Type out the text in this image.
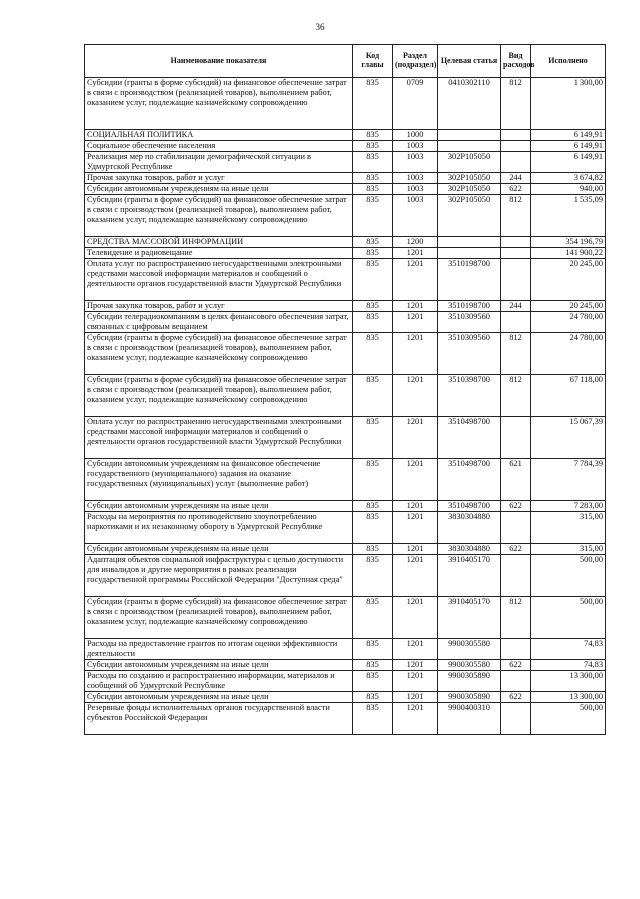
36
Наименование показателя	Код главы	Раздел (подраздел)	Целевая статья	Вид расходов	Исполнено
Субсидии (гранты в форме субсидий) на финансовое обеспечение затрат в связи с производством (реализацией товаров), выполнением работ, оказанием услуг, подлежащие казначейскому сопровождению	835	0709	0410302110	812	1 300,00
СОЦИАЛЬНАЯ ПОЛИТИКА	835	1000			6 149,91
Социальное обеспечение населения	835	1003			6 149,91
Реализация мер по стабилизации демографической ситуации в Удмуртской Республике	835	1003	302P105050		6 149,91
Прочая закупка товаров, работ и услуг	835	1003	302P105050	244	3 674,82
Субсидии автономным учреждениям на иные цели	835	1003	302P105050	622	940,00
Субсидии (гранты в форме субсидий) на финансовое обеспечение затрат в связи с производством (реализацией товаров), выполнением работ, оказанием услуг, подлежащие казначейскому сопровождению	835	1003	302P105050	812	1 535,09
СРЕДСТВА МАССОВОЙ ИНФОРМАЦИИ	835	1200			354 196,79
Телевидение и радиовещание	835	1201			141 900,22
Оплата услуг по распространению негосударственными электронными средствами массовой информации материалов и сообщений о деятельности органов государственной власти Удмуртской Республики	835	1201	3510198700		20 245,00
Прочая закупка товаров, работ и услуг	835	1201	3510198700	244	20 245,00
Субсидии телерадиокомпаниям в целях финансового обеспечения затрат, связанных с цифровым вещанием	835	1201	3510309560		24 780,00
Субсидии (гранты в форме субсидий) на финансовое обеспечение затрат в связи с производством (реализацией товаров), выполнением работ, оказанием услуг, подлежащие казначейскому сопровождению	835	1201	3510309560	812	24 780,00
Субсидии (гранты в форме субсидий) на финансовое обеспечение затрат в связи с производством (реализацией товаров), выполнением работ, оказанием услуг, подлежащие казначейскому сопровождению	835	1201	3510398700	812	67 118,00
Оплата услуг по распространению негосударственными электронными средствами массовой информации материалов и сообщений о деятельности органов государственной власти Удмуртской Республики	835	1201	3510498700		15 067,39
Субсидии автономным учреждениям на финансовое обеспечение государственного (муниципального) задания на оказание государственных (муниципальных) услуг (выполнение работ)	835	1201	3510498700	621	7 784,39
Субсидии автономным учреждениям на иные цели	835	1201	3510498700	622	7 283,00
Расходы на мероприятия по противодействию злоупотреблению наркотиками и их незаконному обороту в Удмуртской Республике	835	1201	3830304880		315,00
Субсидии автономным учреждениям на иные цели	835	1201	3830304880	622	315,00
Адаптация объектов социальной инфраструктуры с целью доступности для инвалидов и другие мероприятия в рамках реализации государственной программы Российской Федерации "Доступная среда"	835	1201	3910405170		500,00
Субсидии (гранты в форме субсидий) на финансовое обеспечение затрат в связи с производством (реализацией товаров), выполнением работ, оказанием услуг, подлежащие казначейскому сопровождению	835	1201	3910405170	812	500,00
Расходы на предоставление грантов по итогам оценки эффективности деятельности	835	1201	9900305580		74,83
Субсидии автономным учреждениям на иные цели	835	1201	9900305580	622	74,83
Расходы по созданию и распространению информации, материалов и сообщений об Удмуртской Республике	835	1201	9900305890		13 300,00
Субсидии автономным учреждениям на иные цели	835	1201	9900305890	622	13 300,00
Резервные фонды исполнительных органов государственной власти субъектов Российской Федерации	835	1201	9900400310		500,00
